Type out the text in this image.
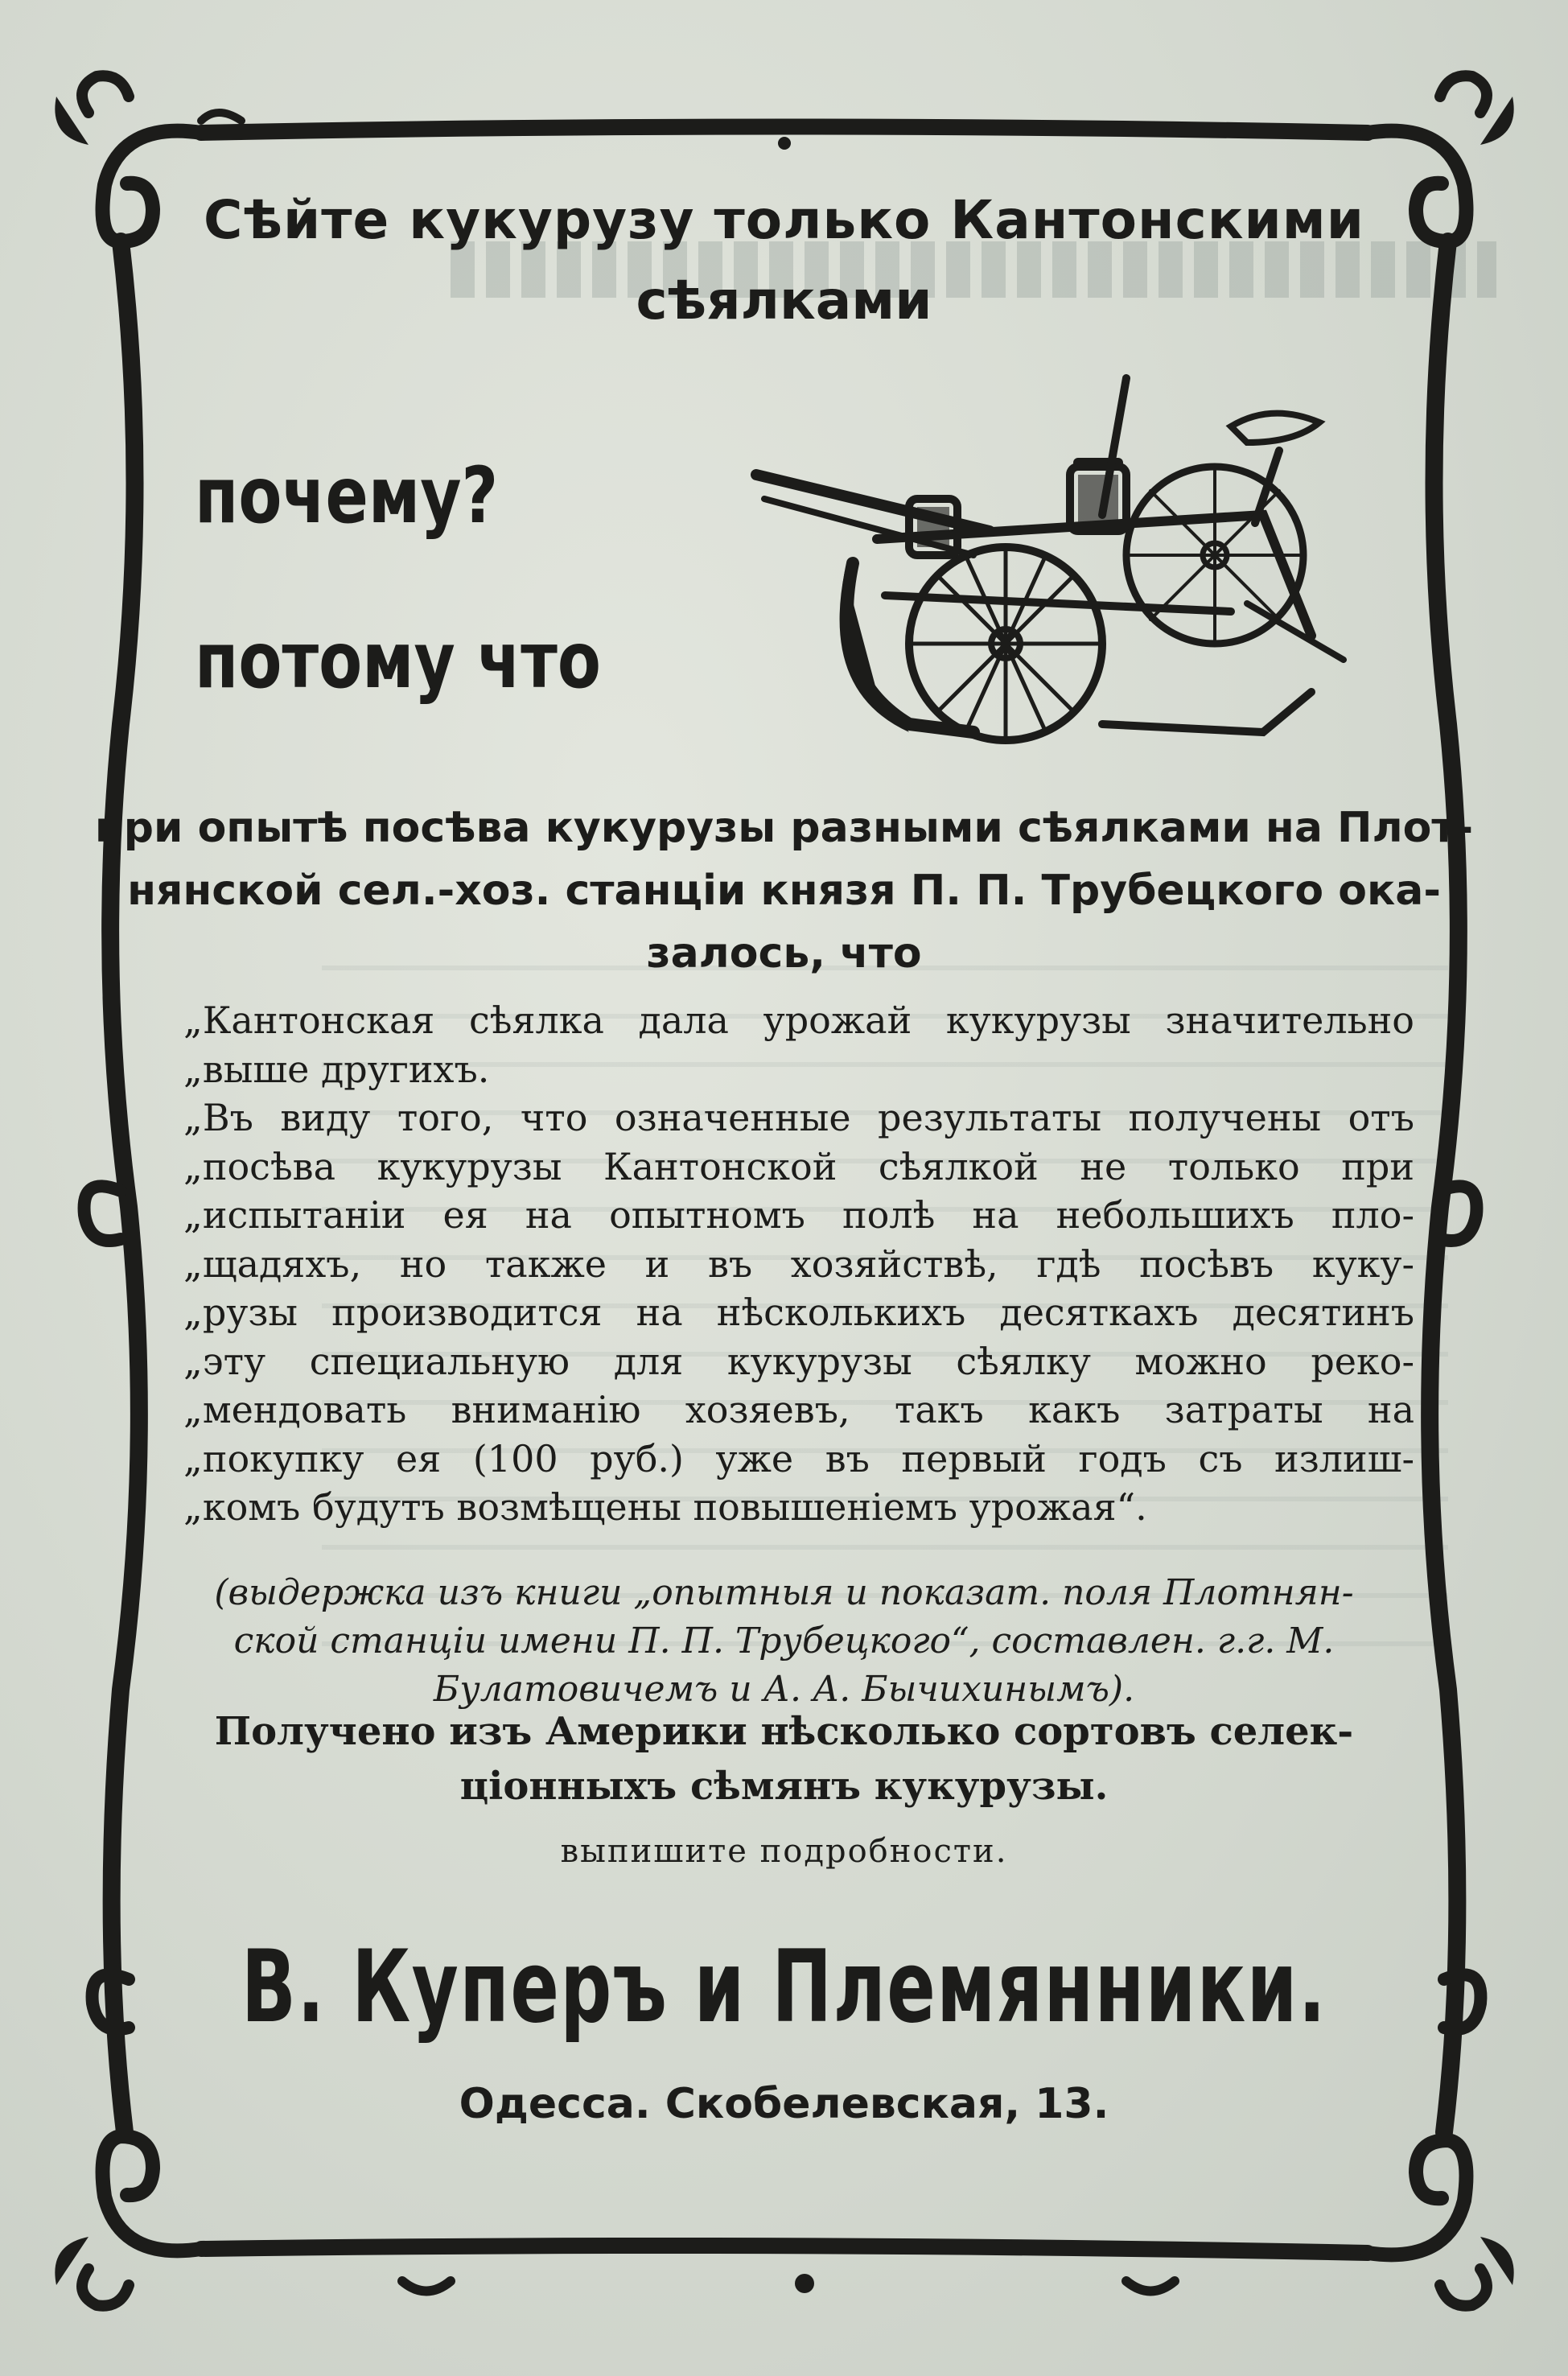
Сѣйте кукурузу только Кантонскими
сѣялками
почему?
потому что
при опытѣ посѣва кукурузы разными сѣялками на Плот-
нянской сел.-хоз. станцiи князя П. П. Трубецкого ока-
залось, что
„Кантонская сѣялка дала урожай кукурузы значительно
„выше другихъ.
„Въ виду того, что означенные результаты получены отъ
„посѣва кукурузы Кантонской сѣялкой не только при
„испытанiи ея на опытномъ полѣ на небольшихъ пло-
„щадяхъ, но также и въ хозяйствѣ, гдѣ посѣвъ куку-
„рузы производится на нѣсколькихъ десяткахъ десятинъ
„эту специальную для кукурузы сѣялку можно реко-
„мендовать вниманiю хозяевъ, такъ какъ затраты на
„покупку ея (100 руб.) уже въ первый годъ съ излиш-
„комъ будутъ возмѣщены повышенiемъ урожая“.
(выдержка изъ книги „опытныя и показат. поля Плотнян-
ской станцiи имени П. П. Трубецкого“, составлен. г.г. М.
Булатовичемъ и А. А. Бычихинымъ).
Получено изъ Америки нѣсколько сортовъ селек-
цiонныхъ сѣмянъ кукурузы.
выпишите подробности.
В. Куперъ и Племянники.
Одесса. Скобелевская, 13.
